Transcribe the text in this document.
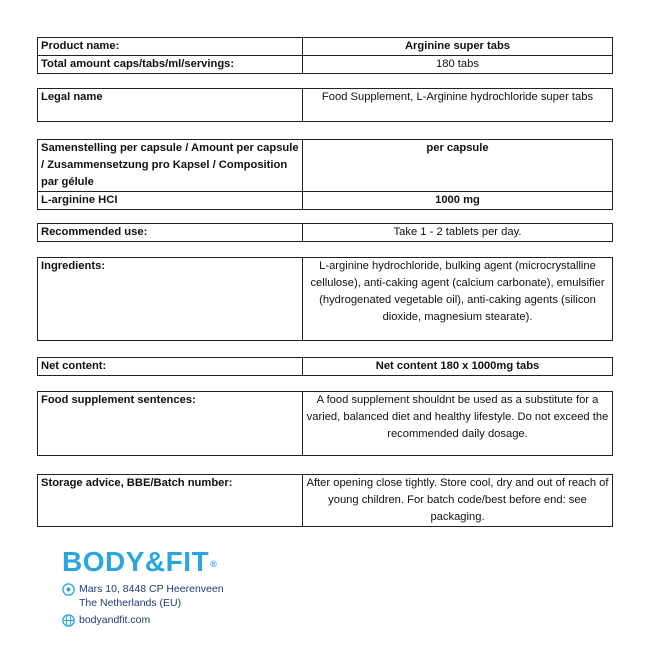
Product name:	Arginine super tabs
Total amount caps/tabs/ml/servings:	180 tabs
Legal name	Food Supplement, L-Arginine hydrochloride super tabs
Samenstelling per capsule / Amount per capsule / Zusammensetzung pro Kapsel / Composition par gélule	per capsule
L-arginine HCI	1000 mg
Recommended use:	Take 1 - 2 tablets per day.
Ingredients:	L-arginine hydrochloride, bulking agent (microcrystalline cellulose), anti-caking agent (calcium carbonate), emulsifier (hydrogenated vegetable oil), anti-caking agents (silicon dioxide, magnesium stearate).
Net content:	Net content 180 x 1000mg tabs
Food supplement sentences:	A food supplement shouldnt be used as a substitute for a varied, balanced diet and healthy lifestyle. Do not exceed the recommended daily dosage.
Storage advice, BBE/Batch number:	After opening close tightly. Store cool, dry and out of reach of young children. For batch code/best before end: see packaging.
BODY&FIT®
Mars 10, 8448 CP Heerenveen
The Netherlands (EU)
bodyandfit.com
